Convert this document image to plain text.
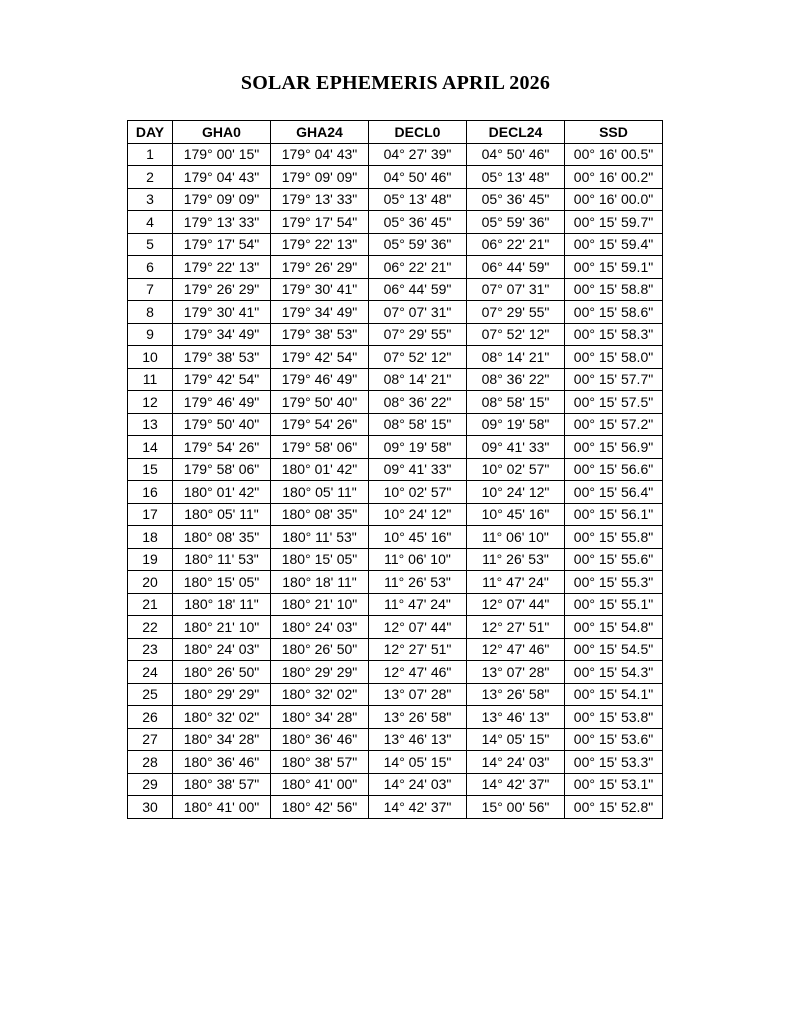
SOLAR EPHEMERIS APRIL 2026
DAY	GHA0	GHA24	DECL0	DECL24	SSD
1	179° 00' 15"	179° 04' 43"	04° 27' 39"	04° 50' 46"	00° 16' 00.5"
2	179° 04' 43"	179° 09' 09"	04° 50' 46"	05° 13' 48"	00° 16' 00.2"
3	179° 09' 09"	179° 13' 33"	05° 13' 48"	05° 36' 45"	00° 16' 00.0"
4	179° 13' 33"	179° 17' 54"	05° 36' 45"	05° 59' 36"	00° 15' 59.7"
5	179° 17' 54"	179° 22' 13"	05° 59' 36"	06° 22' 21"	00° 15' 59.4"
6	179° 22' 13"	179° 26' 29"	06° 22' 21"	06° 44' 59"	00° 15' 59.1"
7	179° 26' 29"	179° 30' 41"	06° 44' 59"	07° 07' 31"	00° 15' 58.8"
8	179° 30' 41"	179° 34' 49"	07° 07' 31"	07° 29' 55"	00° 15' 58.6"
9	179° 34' 49"	179° 38' 53"	07° 29' 55"	07° 52' 12"	00° 15' 58.3"
10	179° 38' 53"	179° 42' 54"	07° 52' 12"	08° 14' 21"	00° 15' 58.0"
11	179° 42' 54"	179° 46' 49"	08° 14' 21"	08° 36' 22"	00° 15' 57.7"
12	179° 46' 49"	179° 50' 40"	08° 36' 22"	08° 58' 15"	00° 15' 57.5"
13	179° 50' 40"	179° 54' 26"	08° 58' 15"	09° 19' 58"	00° 15' 57.2"
14	179° 54' 26"	179° 58' 06"	09° 19' 58"	09° 41' 33"	00° 15' 56.9"
15	179° 58' 06"	180° 01' 42"	09° 41' 33"	10° 02' 57"	00° 15' 56.6"
16	180° 01' 42"	180° 05' 11"	10° 02' 57"	10° 24' 12"	00° 15' 56.4"
17	180° 05' 11"	180° 08' 35"	10° 24' 12"	10° 45' 16"	00° 15' 56.1"
18	180° 08' 35"	180° 11' 53"	10° 45' 16"	11° 06' 10"	00° 15' 55.8"
19	180° 11' 53"	180° 15' 05"	11° 06' 10"	11° 26' 53"	00° 15' 55.6"
20	180° 15' 05"	180° 18' 11"	11° 26' 53"	11° 47' 24"	00° 15' 55.3"
21	180° 18' 11"	180° 21' 10"	11° 47' 24"	12° 07' 44"	00° 15' 55.1"
22	180° 21' 10"	180° 24' 03"	12° 07' 44"	12° 27' 51"	00° 15' 54.8"
23	180° 24' 03"	180° 26' 50"	12° 27' 51"	12° 47' 46"	00° 15' 54.5"
24	180° 26' 50"	180° 29' 29"	12° 47' 46"	13° 07' 28"	00° 15' 54.3"
25	180° 29' 29"	180° 32' 02"	13° 07' 28"	13° 26' 58"	00° 15' 54.1"
26	180° 32' 02"	180° 34' 28"	13° 26' 58"	13° 46' 13"	00° 15' 53.8"
27	180° 34' 28"	180° 36' 46"	13° 46' 13"	14° 05' 15"	00° 15' 53.6"
28	180° 36' 46"	180° 38' 57"	14° 05' 15"	14° 24' 03"	00° 15' 53.3"
29	180° 38' 57"	180° 41' 00"	14° 24' 03"	14° 42' 37"	00° 15' 53.1"
30	180° 41' 00"	180° 42' 56"	14° 42' 37"	15° 00' 56"	00° 15' 52.8"
